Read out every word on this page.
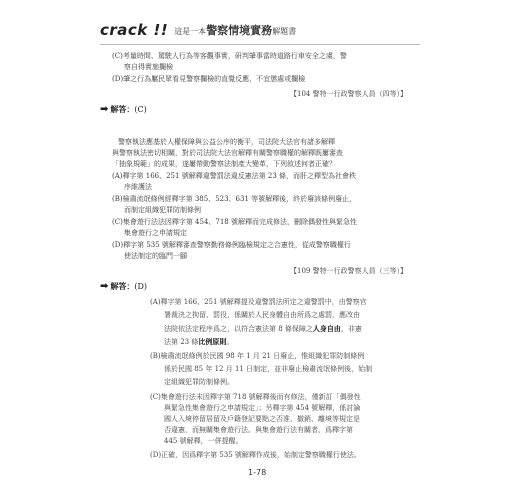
crack !! 這是一本警察情境實務解題書
(C)考量時間、駕駛人行為等客觀事實，研判肇事當時道路行車安全之虞，警
察自得實施攔檢
(D)肇之行為屬民眾看見警察攔檢的直覺反應，不宜懲處或攔檢
【104 警特一行政警察人員（四等）】
➡ 解答：(C)
警察執法應基於人權保障與公益公序的衡平，司法院大法官有諸多解釋
與警察執法密切相關，對於司法院大法官解釋有關警察職權的解釋既屢審查
「抽象規範」的成果，遂屢帶動警察法制產大變革，下列敘述何者正確？
(A)釋字第 166、251 號解釋違警罰法違反憲法第 23 條，而肝之釋型為社會秩
序維護法
(B)檢肅流氓條例經釋字第 385、523、631 等號解釋後，終於廢該條例廢止，
而制定組織犯罪防制條例
(C)集會遊行法法因釋字第 454、718 號解釋而完成修法，刪除偶發性與緊急性
集會遊行之申請規定
(D)釋字第 535 號解釋審查警察勤務條例臨檢規定之合憲性，從成警察職權行
使法制定的臨門一腳
【109 警特一行政警察人員（三等）】
➡ 解答：(D)
(A)釋字第 166、251 號解釋提及違警罰法所定之違警罰中，由警察官
署裁決之拘留、罰役，係關於人民身體自由所爲之處罰，應改由
法院依法定程序爲之，以符合憲法第 8 條保障之人身自由，非憲
法第 23 條比例原則。
(B)檢肅流氓條例於民國 98 年 1 月 21 日廢止，惟組織犯罪防制條例
係於民國 85 年 12 月 11 日制定，並非廢止檢肅流氓條例後，始制
定組織犯罪防制條例。
(C)集會遊行法未因釋字第 718 號解釋後而有修法，僅新訂「偶發性
與緊急性集會遊行之申請規定」；另釋字第 454 號解釋，係討論
國人入境停留居留及戶籍登記要點之否准、撤銷、離境等規定是
否違憲，而無關集會遊行法。與集會遊行法有關者，爲釋字第
445 號解釋，一併提醒。
(D)正確，因爲釋字第 535 號解釋作成後，始制定警察職權行使法。
1-78
